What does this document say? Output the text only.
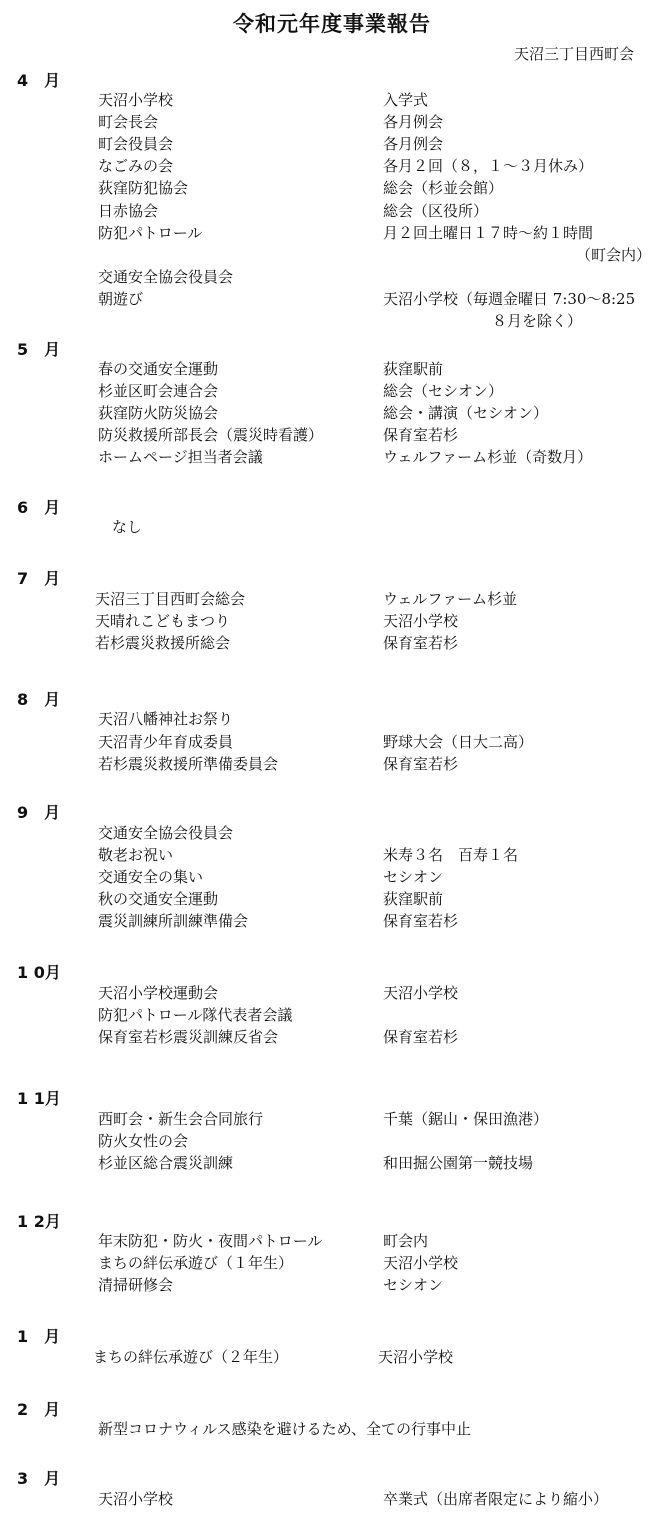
令和元年度事業報告
天沼三丁目西町会
4　月
天沼小学校	入学式
町会長会	各月例会
町会役員会	各月例会
なごみの会	各月２回（８，１～３月休み）
荻窪防犯協会	総会（杉並会館）
日赤協会	総会（区役所）
防犯パトロール	月２回土曜日１７時～約１時間
（町会内）
交通安全協会役員会
朝遊び	天沼小学校（毎週金曜日 7:30～8:25
８月を除く）
5　月
春の交通安全運動	荻窪駅前
杉並区町会連合会	総会（セシオン）
荻窪防火防災協会	総会・講演（セシオン）
防災救援所部長会（震災時看護）	保育室若杉
ホームページ担当者会議	ウェルファーム杉並（奇数月）
6　月
なし
7　月
天沼三丁目西町会総会	ウェルファーム杉並
天晴れこどもまつり	天沼小学校
若杉震災救援所総会	保育室若杉
8　月
天沼八幡神社お祭り
天沼青少年育成委員	野球大会（日大二高）
若杉震災救援所準備委員会	保育室若杉
9　月
交通安全協会役員会
敬老お祝い	米寿３名　百寿１名
交通安全の集い	セシオン
秋の交通安全運動	荻窪駅前
震災訓練所訓練準備会	保育室若杉
1 0月
天沼小学校運動会	天沼小学校
防犯パトロール隊代表者会議
保育室若杉震災訓練反省会	保育室若杉
1 1月
西町会・新生会合同旅行	千葉（鋸山・保田漁港）
防火女性の会
杉並区総合震災訓練	和田掘公園第一競技場
1 2月
年末防犯・防火・夜間パトロール	町会内
まちの絆伝承遊び（１年生）	天沼小学校
清掃研修会	セシオン
1　月
まちの絆伝承遊び（２年生）	天沼小学校
2　月
新型コロナウィルス感染を避けるため、全ての行事中止
3　月
天沼小学校	卒業式（出席者限定により縮小）
